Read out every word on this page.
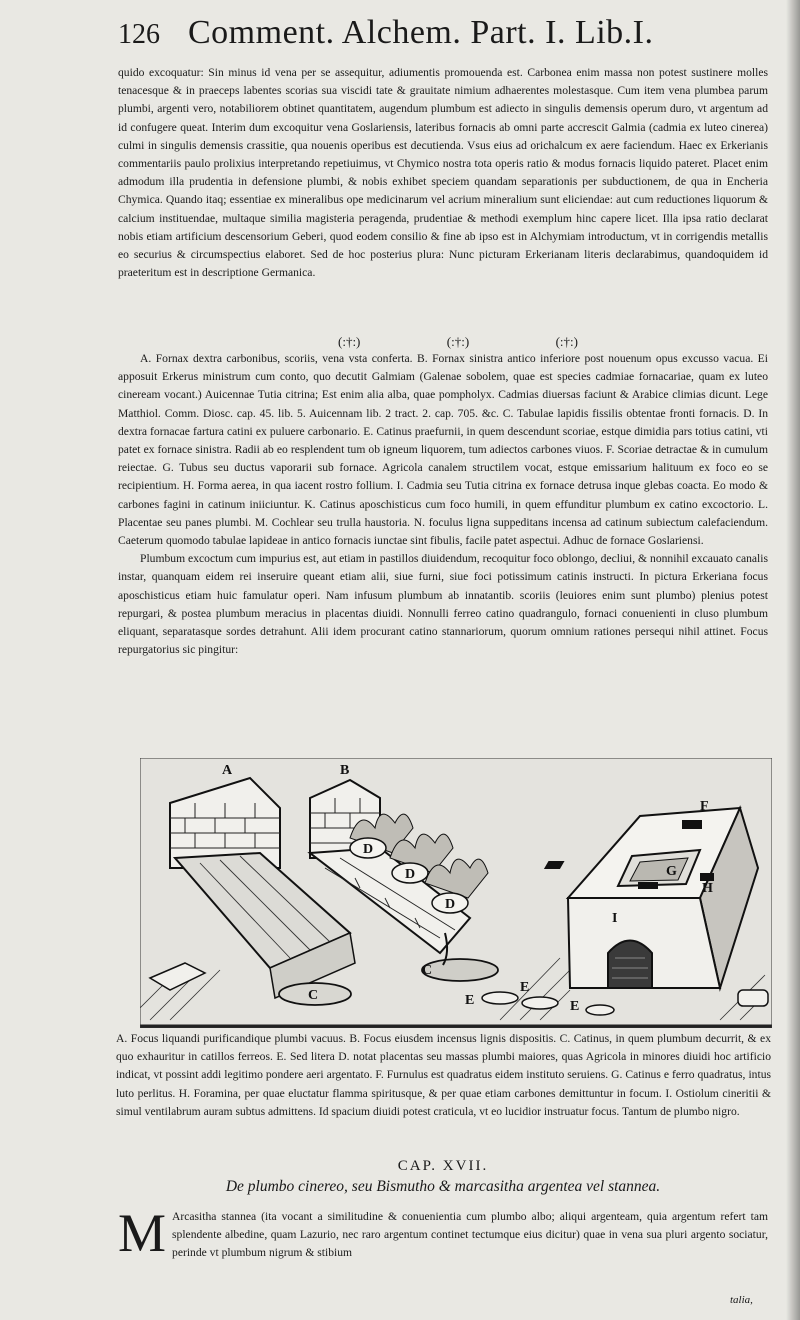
126 Comment. Alchem. Part. I. Lib.I.

quido excoquatur: Sin minus id vena per se assequitur, adiumentis promouenda est. Carbonea enim massa non potest sustinere molles tenacesque & in praeceps labentes scorias sua viscidi tate & grauitate nimium adhaerentes molestasque. Cum item vena plumbea parum plumbi, argenti vero, notabiliorem obtinet quantitatem, augendum plumbum est adiecto in singulis demensis operum duro, vt argentum ad id confugere queat. Interim dum excoquitur vena Goslariensis, lateribus fornacis ab omni parte accrescit Galmia (cadmia ex luteo cinerea) culmi in singulis demensis crassitie, qua nouenis operibus est decutienda. Vsus eius ad orichalcum ex aere faciendum. Haec ex Erkerianis commentariis paulo prolixius interpretando repetiuimus, vt Chymico nostra tota operis ratio & modus fornacis liquido pateret. Placet enim admodum illa prudentia in defensione plumbi, & nobis exhibet speciem quandam separationis per subductionem, de qua in Encheria Chymica. Quando itaq; essentiae ex mineralibus ope medicinarum vel acrium mineralium sunt eliciendae: aut cum reductiones liquorum & calcium instituendae, multaque similia magisteria peragenda, prudentiae & methodi exemplum hinc capere licet. Illa ipsa ratio declarat nobis etiam artificium descensorium Geberi, quod eodem consilio & fine ab ipso est in Alchymiam introductum, vt in corrigendis metallis eo securius & circumspectius elaboret. Sed de hoc posterius plura: Nunc picturam Erkerianam literis declarabimus, quandoquidem id praeteritum est in descriptione Germanica.

(:†:)	(:†:)	(:†:)

A. Fornax dextra carbonibus, scoriis, vena vsta conferta. B. Fornax sinistra antico inferiore post nouenum opus excusso vacua. Ei apposuit Erkerus ministrum cum conto, quo decutit Galmiam (Galenae sobolem, quae est species cadmiae fornacariae, quam ex luteo cineream vocant.) Auicennae Tutia citrina; Est enim alia alba, quae pompholyx. Cadmias diuersas faciunt & Arabice climias dicunt. Lege Matthiol. Comm. Diosc. cap. 45. lib. 5. Auicennam lib. 2 tract. 2. cap. 705. &c. C. Tabulae lapidis fissilis obtentae fronti fornacis. D. In dextra fornacae fartura catini ex puluere carbonario. E. Catinus praefurnii, in quem descendunt scoriae, estque dimidia pars totius catini, vti patet ex fornace sinistra. Radii ab eo resplendent tum ob igneum liquorem, tum adiectos carbones viuos. F. Scoriae detractae & in cumulum reiectae. G. Tubus seu ductus vaporarii sub fornace. Agricola canalem structilem vocat, estque emissarium halituum ex foco eo se recipientium. H. Forma aerea, in qua iacent rostro follium. I. Cadmia seu Tutia citrina ex fornace detrusa inque glebas coacta. Eo modo & carbones fagini in catinum iniiciuntur. K. Catinus aposchisticus cum foco humili, in quem effunditur plumbum ex catino excoctorio. L. Placentae seu panes plumbi. M. Cochlear seu trulla haustoria. N. foculus ligna suppeditans incensa ad catinum subiectum calefaciendum. Caeterum quomodo tabulae lapideae in antico fornacis iunctae sint fibulis, facile patet aspectui. Adhuc de fornace Goslariensi.

Plumbum excoctum cum impurius est, aut etiam in pastillos diuidendum, recoquitur foco oblongo, decliui, & nonnihil excauato canalis instar, quanquam eidem rei inseruire queant etiam alii, siue furni, siue foci potissimum catinis instructi. In pictura Erkeriana focus aposchisticus etiam huic famulatur operi. Nam infusum plumbum ab innatantib. scoriis (leuiores enim sunt plumbo) plenius potest repurgari, & postea plumbum meracius in placentas diuidi. Nonnulli ferreo catino quadrangulo, fornaci conuenienti in cluso plumbum eliquant, separatasque sordes detrahunt. Alii idem procurant catino stannariorum, quorum omnium rationes persequi nihil attinet. Focus repurgatorius sic pingitur:

A	B
C
C
D
D
D
E
E
E
F
G
H
I

A. Focus liquandi purificandique plumbi vacuus. B. Focus eiusdem incensus lignis dispositis. C. Catinus, in quem plumbum decurrit, & ex quo exhauritur in catillos ferreos. E. Sed litera D. notat placentas seu massas plumbi maiores, quas Agricola in minores diuidi hoc artificio indicat, vt possint addi legitimo pondere aeri argentato. F. Furnulus est quadratus eidem instituto seruiens. G. Catinus e ferro quadratus, intus luto perlitus. H. Foramina, per quae eluctatur flamma spiritusque, & per quae etiam carbones demittuntur in focum. I. Ostiolum cineritii & simul ventilabrum auram subtus admittens. Id spacium diuidi potest craticula, vt eo lucidior instruatur focus. Tantum de plumbo nigro.

CAP. XVII.
De plumbo cinereo, seu Bismutho & marcasitha argentea vel stannea.
M Arcasitha stannea (ita vocant a similitudine & conuenientia cum plumbo albo; aliqui argenteam, quia argentum refert tam splendente albedine, quam Lazurio, nec raro argentum continet tectumque eius dicitur) quae in vena sua pluri argento sociatur, perinde vt plumbum nigrum & stibium

talia,
